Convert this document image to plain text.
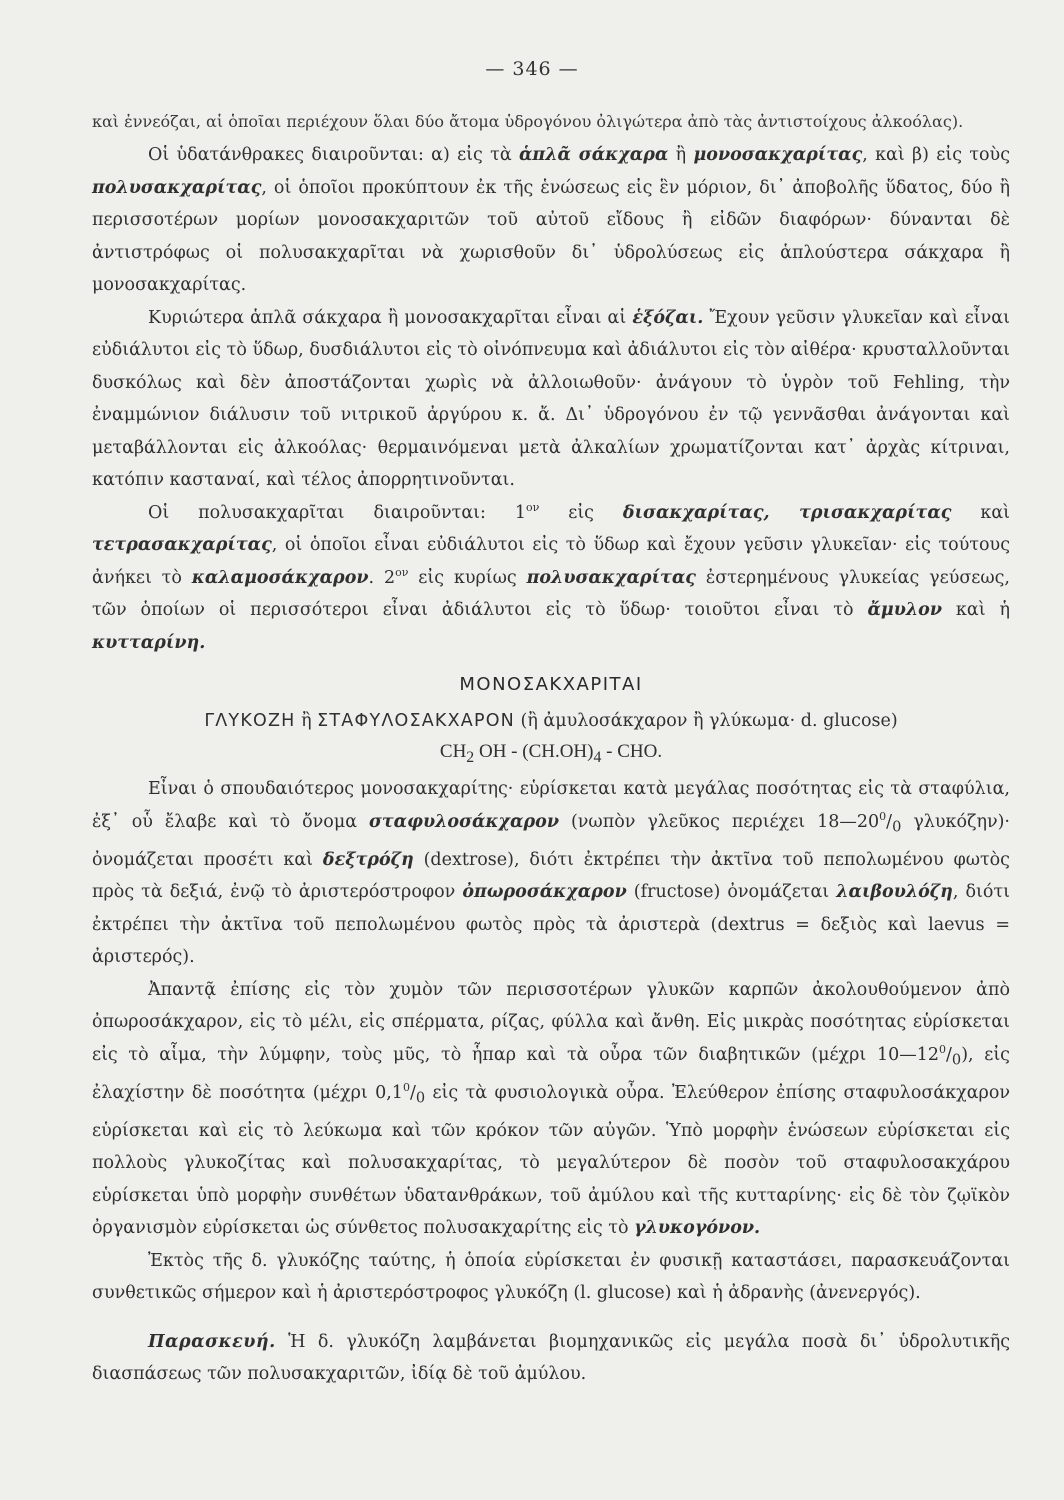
— 346 —

καὶ ἐννεόζαι, αἱ ὁποῖαι περιέχουν ὅλαι δύο ἄτομα ὑδρογόνου ὀλιγώτερα ἀπὸ τὰς ἀντιστοίχους ἀλκοόλας).

Οἱ ὑδατάνθρακες διαιροῦνται: α) εἰς τὰ ἁπλᾶ σάκχαρα ἢ μονοσακχαρίτας, καὶ β) εἰς τοὺς πολυσακχαρίτας, οἱ ὁποῖοι προκύπτουν ἐκ τῆς ἑνώσεως εἰς ἓν μόριον, δι᾽ ἀποβολῆς ὕδατος, δύο ἢ περισσοτέρων μορίων μονοσακχαριτῶν τοῦ αὐτοῦ εἴδους ἢ εἰδῶν διαφόρων· δύνανται δὲ ἀντιστρόφως οἱ πολυσακχαρῖται νὰ χωρισθοῦν δι᾽ ὑδρολύσεως εἰς ἁπλούστερα σάκχαρα ἢ μονοσακχαρίτας.

Κυριώτερα ἁπλᾶ σάκχαρα ἢ μονοσακχαρῖται εἶναι αἱ ἑξόζαι. Ἔχουν γεῦσιν γλυκεῖαν καὶ εἶναι εὐδιάλυτοι εἰς τὸ ὕδωρ, δυσδιάλυτοι εἰς τὸ οἰνόπνευμα καὶ ἀδιάλυτοι εἰς τὸν αἰθέρα· κρυσταλλοῦνται δυσκόλως καὶ δὲν ἀποστάζονται χωρὶς νὰ ἀλλοιωθοῦν· ἀνάγουν τὸ ὑγρὸν τοῦ Fehling, τὴν ἐναμμώνιον διάλυσιν τοῦ νιτρικοῦ ἀργύρου κ. ἄ. Δι᾽ ὑδρογόνου ἐν τῷ γεννᾶσθαι ἀνάγονται καὶ μεταβάλλονται εἰς ἀλκοόλας· θερμαινόμεναι μετὰ ἀλκαλίων χρωματίζονται κατ᾽ ἀρχὰς κίτριναι, κατόπιν κασταναί, καὶ τέλος ἀπορρητινοῦνται.

Οἱ πολυσακχαρῖται διαιροῦνται: $1^{o\nu}$ εἰς δισακχαρίτας, τρισακχαρίτας καὶ τετρασακχαρίτας, οἱ ὁποῖοι εἶναι εὐδιάλυτοι εἰς τὸ ὕδωρ καὶ ἔχουν γεῦσιν γλυκεῖαν· εἰς τούτους ἀνήκει τὸ καλαμοσάκχαρον. $2^{o\nu}$ εἰς κυρίως πολυσακχαρίτας ἐστερημένους γλυκείας γεύσεως, τῶν ὁποίων οἱ περισσότεροι εἶναι ἀδιάλυτοι εἰς τὸ ὕδωρ· τοιοῦτοι εἶναι τὸ ἄμυλον καὶ ἡ κυτταρίνη.

ΜΟΝΟΣΑΚΧΑΡΙΤΑΙ

ΓΛΥΚΟΖΗ ἢ ΣΤΑΦΥΛΟΣΑΚΧΑΡΟΝ (ἢ ἀμυλοσάκχαρον ἢ γλύκωμα· d. glucose)

$CH_2$ OH - $(CH.OH)_4$ - CHO.

Εἶναι ὁ σπουδαιότερος μονοσακχαρίτης· εὑρίσκεται κατὰ μεγάλας ποσότητας εἰς τὰ σταφύλια, ἐξ᾽ οὗ ἔλαβε καὶ τὸ ὄνομα σταφυλοσάκχαρον (νωπὸν γλεῦκος περιέχει $18—20^0/_0$ γλυκόζην)· ὀνομάζεται προσέτι καὶ δεξτρόζη (dextrose), διότι ἐκτρέπει τὴν ἀκτῖνα τοῦ πεπολωμένου φωτὸς πρὸς τὰ δεξιά, ἐνῷ τὸ ἀριστερόστροφον ὀπωροσάκχαρον (fructose) ὀνομάζεται λαιβουλόζη, διότι ἐκτρέπει τὴν ἀκτῖνα τοῦ πεπολωμένου φωτὸς πρὸς τὰ ἀριστερὰ (dextrus = δεξιὸς καὶ laevus = ἀριστερός).

Ἀπαντᾷ ἐπίσης εἰς τὸν χυμὸν τῶν περισσοτέρων γλυκῶν καρπῶν ἀκολουθούμενον ἀπὸ ὀπωροσάκχαρον, εἰς τὸ μέλι, εἰς σπέρματα, ρίζας, φύλλα καὶ ἄνθη. Εἰς μικρὰς ποσότητας εὑρίσκεται εἰς τὸ αἷμα, τὴν λύμφην, τοὺς μῦς, τὸ ἧπαρ καὶ τὰ οὖρα τῶν διαβητικῶν (μέχρι $10—12^0/_0$), εἰς ἐλαχίστην δὲ ποσότητα (μέχρι $0,1^0/_0$ εἰς τὰ φυσιολογικὰ οὖρα. Ἐλεύθερον ἐπίσης σταφυλοσάκχαρον εὑρίσκεται καὶ εἰς τὸ λεύκωμα καὶ τῶν κρόκον τῶν αὐγῶν. Ὑπὸ μορφὴν ἑνώσεων εὑρίσκεται εἰς πολλοὺς γλυκοζίτας καὶ πολυσακχαρίτας, τὸ μεγαλύτερον δὲ ποσὸν τοῦ σταφυλοσακχάρου εὑρίσκεται ὑπὸ μορφὴν συνθέτων ὑδατανθράκων, τοῦ ἀμύλου καὶ τῆς κυτταρίνης· εἰς δὲ τὸν ζῳϊκὸν ὀργανισμὸν εὑρίσκεται ὡς σύνθετος πολυσακχαρίτης εἰς τὸ γλυκογόνον.

Ἐκτὸς τῆς δ. γλυκόζης ταύτης, ἡ ὁποία εὑρίσκεται ἐν φυσικῇ καταστάσει, παρασκευάζονται συνθετικῶς σήμερον καὶ ἡ ἀριστερόστροφος γλυκόζη (l. glucose) καὶ ἡ ἀδρανὴς (ἀνενεργός).

Παρασκευή. Ἡ δ. γλυκόζη λαμβάνεται βιομηχανικῶς εἰς μεγάλα ποσὰ δι᾽ ὑδρολυτικῆς διασπάσεως τῶν πολυσακχαριτῶν, ἰδίᾳ δὲ τοῦ ἀμύλου.
